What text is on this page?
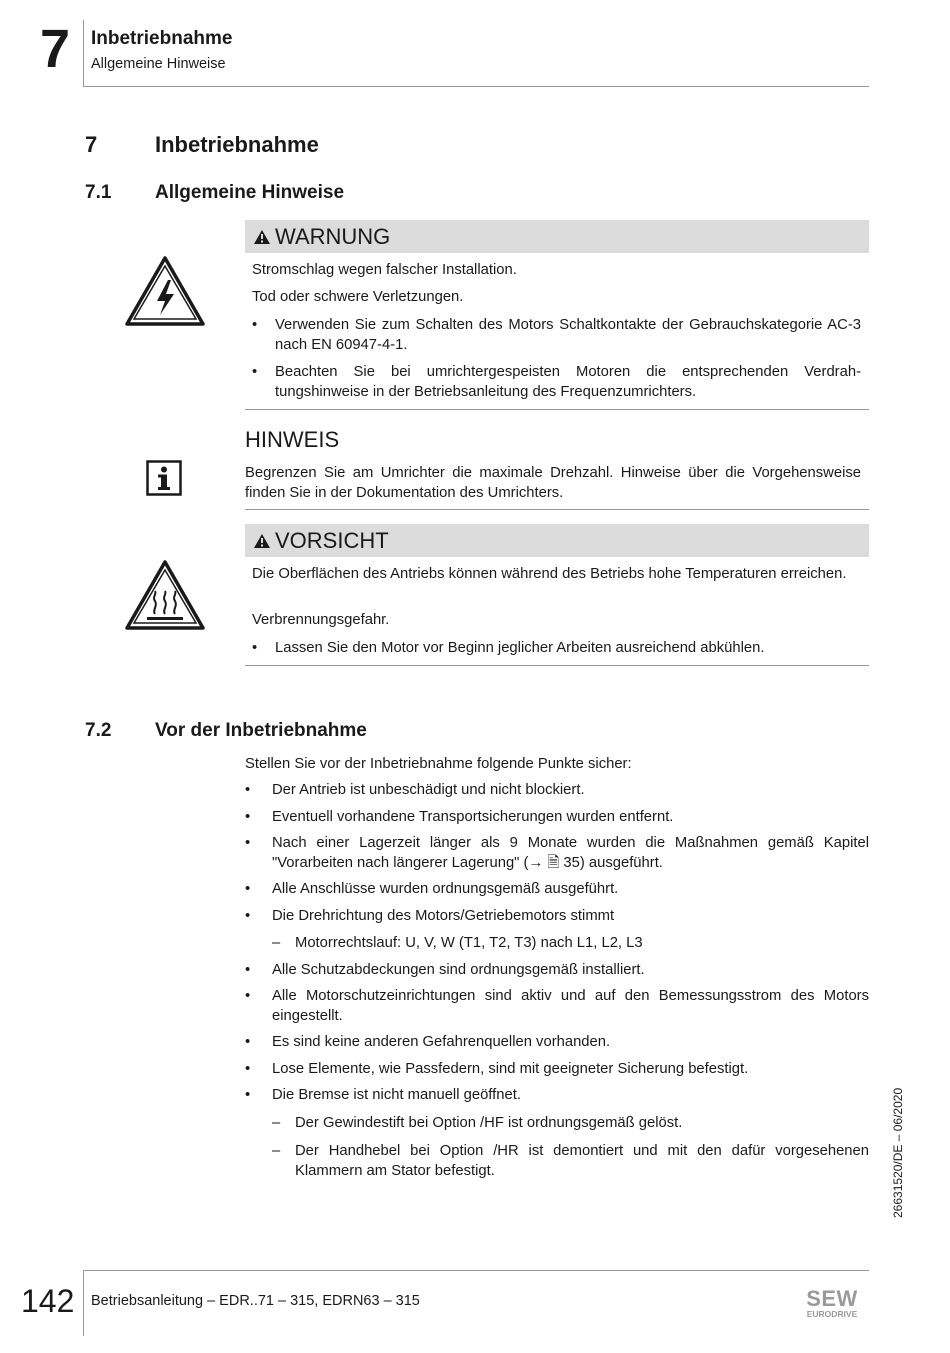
7 Inbetriebnahme
Allgemeine Hinweise
7	Inbetriebnahme
7.1 Allgemeine Hinweise
WARNUNG
Stromschlag wegen falscher Installation.
Tod oder schwere Verletzungen.
• Verwenden Sie zum Schalten des Motors Schaltkontakte der Gebrauchskategorie AC-3 nach EN 60947-4-1.
• Beachten Sie bei umrichtergespeisten Motoren die entsprechenden Verdrahtungshinweise in der Betriebsanleitung des Frequenzumrichters.
HINWEIS
Begrenzen Sie am Umrichter die maximale Drehzahl. Hinweise über die Vorgehensweise finden Sie in der Dokumentation des Umrichters.
VORSICHT
Die Oberflächen des Antriebs können während des Betriebs hohe Temperaturen erreichen.
Verbrennungsgefahr.
• Lassen Sie den Motor vor Beginn jeglicher Arbeiten ausreichend abkühlen.
7.2 Vor der Inbetriebnahme
Stellen Sie vor der Inbetriebnahme folgende Punkte sicher:
• Der Antrieb ist unbeschädigt und nicht blockiert.
• Eventuell vorhandene Transportsicherungen wurden entfernt.
• Nach einer Lagerzeit länger als 9 Monate wurden die Maßnahmen gemäß Kapitel "Vorarbeiten nach längerer Lagerung" (→ 🗎 35) ausgeführt.
• Alle Anschlüsse wurden ordnungsgemäß ausgeführt.
• Die Drehrichtung des Motors/Getriebemotors stimmt
– Motorrechtslauf: U, V, W (T1, T2, T3) nach L1, L2, L3
• Alle Schutzabdeckungen sind ordnungsgemäß installiert.
• Alle Motorschutzeinrichtungen sind aktiv und auf den Bemessungsstrom des Motors eingestellt.
• Es sind keine anderen Gefahrenquellen vorhanden.
• Lose Elemente, wie Passfedern, sind mit geeigneter Sicherung befestigt.
• Die Bremse ist nicht manuell geöffnet.
– Der Gewindestift bei Option /HF ist ordnungsgemäß gelöst.
– Der Handhebel bei Option /HR ist demontiert und mit den dafür vorgesehenen Klammern am Stator befestigt.	26631520/DE – 06/2020
142 Betriebsanleitung – EDR..71 – 315, EDRN63 – 315	SEW
EURODRIVE
